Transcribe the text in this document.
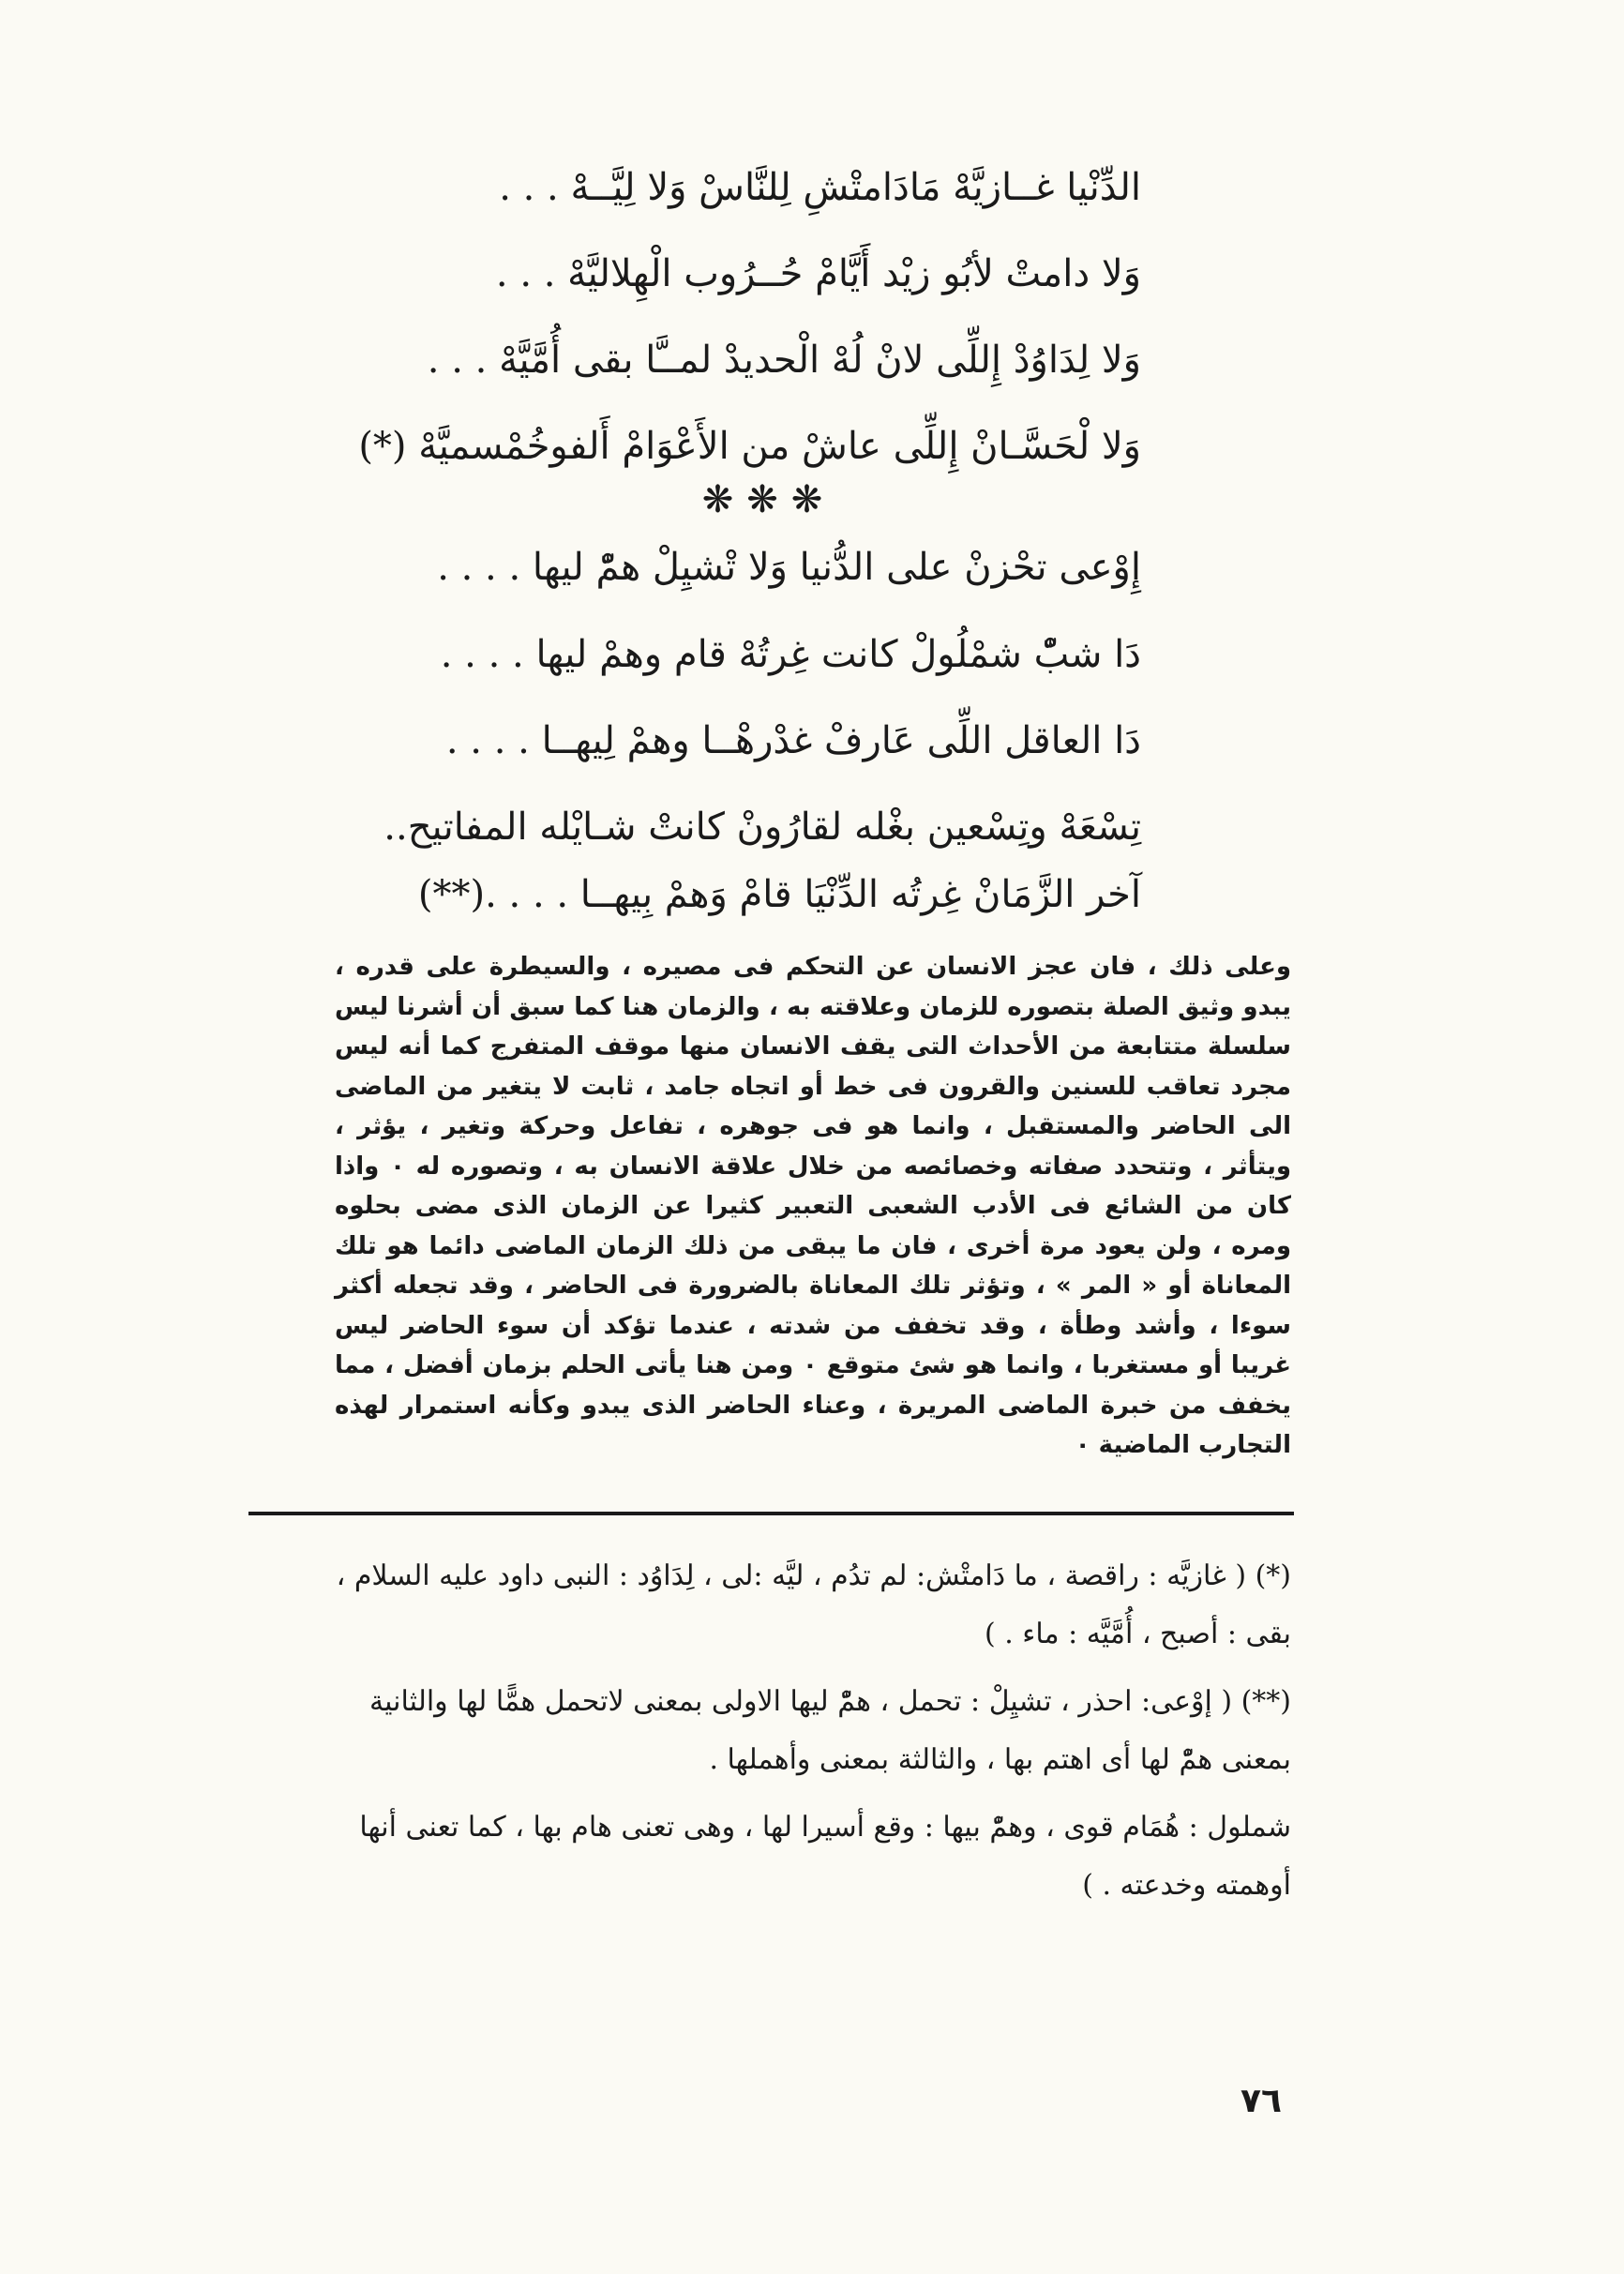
الدِّنْيا غــازيَّهْ مَادَامتْشِ لِلنَّاسْ وَلا لِيَّــهْ . . .
وَلا دامتْ لأبُو زيْد أَيَّامْ حُــرُوب الْهِلاليَّهْ . . .
وَلا لِدَاوُدْ إِللِّى لانْ لُهْ الْحديدْ لمــَّا بقى أُمَّيَّهْ . . .
وَلا لْحَسَّـانْ إِللِّى عاشْ من الأَعْوَامْ أَلفوخُمْسميَّهْ (*)
❋❋❋
إِوْعى تحْزنْ على الدُّنيا وَلا تْشيِلْ همّْ ليها . . . .
دَا شبّْ شمْلُولْ كانت غِرتُهْ قام وهمْ ليها . . . .
دَا العاقل اللِّى عَارفْ غدْرهْــا وهمْ لِيهــا . . . .
تِسْعَهْ وتِسْعين بغْله لقارُونْ كانتْ شـايْله المفاتيح..
آخر الزَّمَانْ غِرتُه الدِّنْيَا قامْ وَهمْ بِيهــا . . . .(**)

وعلى ذلك ، فان عجز الانسان عن التحكم فى مصيره ، والسيطرة على قدره ، يبدو وثيق الصلة بتصوره للزمان وعلاقته به ، والزمان هنا كما سبق أن أشرنا ليس سلسلة متتابعة من الأحداث التى يقف الانسان منها موقف المتفرج كما أنه ليس مجرد تعاقب للسنين والقرون فى خط أو اتجاه جامد ، ثابت لا يتغير من الماضى الى الحاضر والمستقبل ، وانما هو فى جوهره ، تفاعل وحركة وتغير ، يؤثر ، ويتأثر ، وتتحدد صفاته وخصائصه من خلال علاقة الانسان به ، وتصوره له ٠ واذا كان من الشائع فى الأدب الشعبى التعبير كثيرا عن الزمان الذى مضى بحلوه ومره ، ولن يعود مرة أخرى ، فان ما يبقى من ذلك الزمان الماضى دائما هو تلك المعاناة أو « المر » ، وتؤثر تلك المعاناة بالضرورة فى الحاضر ، وقد تجعله أكثر سوءا ، وأشد وطأة ، وقد تخفف من شدته ، عندما تؤكد أن سوء الحاضر ليس غريبا أو مستغربا ، وانما هو شئ متوقع ٠ ومن هنا يأتى الحلم بزمان أفضل ، مما يخفف من خبرة الماضى المريرة ، وعناء الحاضر الذى يبدو وكأنه استمرار لهذه التجارب الماضية ٠

(*) ( غازيَّه : راقصة ، ما دَامتْش: لم تدُم ، ليَّه :لى ، لِدَاوُد : النبى داود عليه السلام ، بقى : أصبح ، أُمَّيَّه : ماء . )

(**) ( إوْعى: احذر ، تشيِلْ : تحمل ، همّْ ليها الاولى بمعنى لاتحمل همًّا لها والثانية بمعنى همّْ لها أى اهتم بها ، والثالثة بمعنى وأهملها .

شملول : هُمَام قوى ، وهمّْ بيها : وقع أسيرا لها ، وهى تعنى هام بها ، كما تعنى أنها أوهمته وخدعته . )

٧٦
